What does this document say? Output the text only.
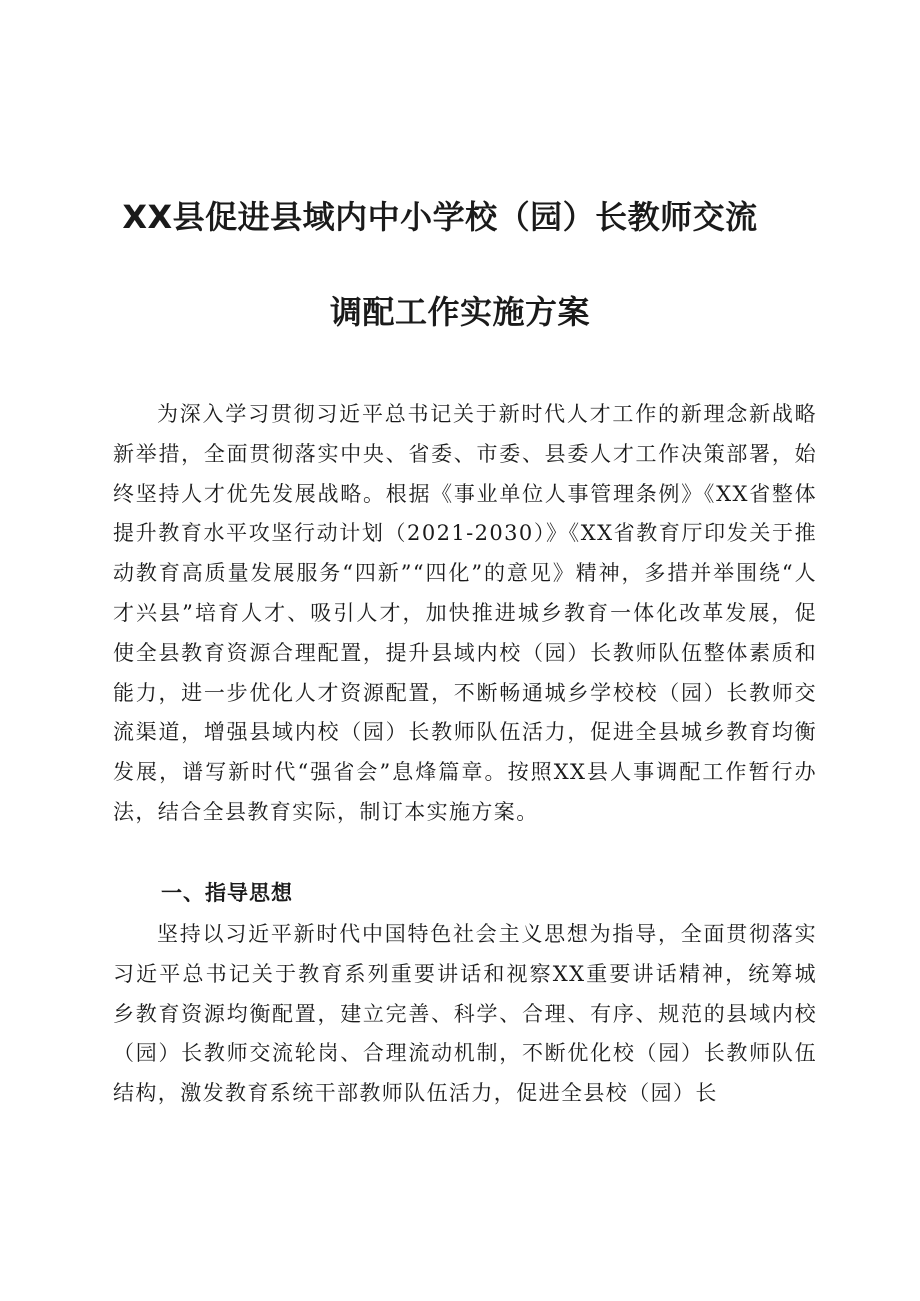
XX县促进县域内中小学校（园）长教师交流
调配工作实施方案

为深入学习贯彻习近平总书记关于新时代人才工作的新理念新战略新举措，全面贯彻落实中央、省委、市委、县委人才工作决策部署，始终坚持人才优先发展战略。根据《事业单位人事管理条例》《XX省整体提升教育水平攻坚行动计划（2021-2030）》《XX省教育厅印发关于推动教育高质量发展服务“四新”“四化”的意见》精神，多措并举围绕“人才兴县”培育人才、吸引人才，加快推进城乡教育一体化改革发展，促使全县教育资源合理配置，提升县域内校（园）长教师队伍整体素质和能力，进一步优化人才资源配置，不断畅通城乡学校校（园）长教师交流渠道，增强县域内校（园）长教师队伍活力，促进全县城乡教育均衡发展，谱写新时代“强省会”息烽篇章。按照XX县人事调配工作暂行办法，结合全县教育实际，制订本实施方案。

一、指导思想

坚持以习近平新时代中国特色社会主义思想为指导，全面贯彻落实习近平总书记关于教育系列重要讲话和视察XX重要讲话精神，统筹城乡教育资源均衡配置，建立完善、科学、合理、有序、规范的县域内校（园）长教师交流轮岗、合理流动机制，不断优化校（园）长教师队伍结构，激发教育系统干部教师队伍活力，促进全县校（园）长
